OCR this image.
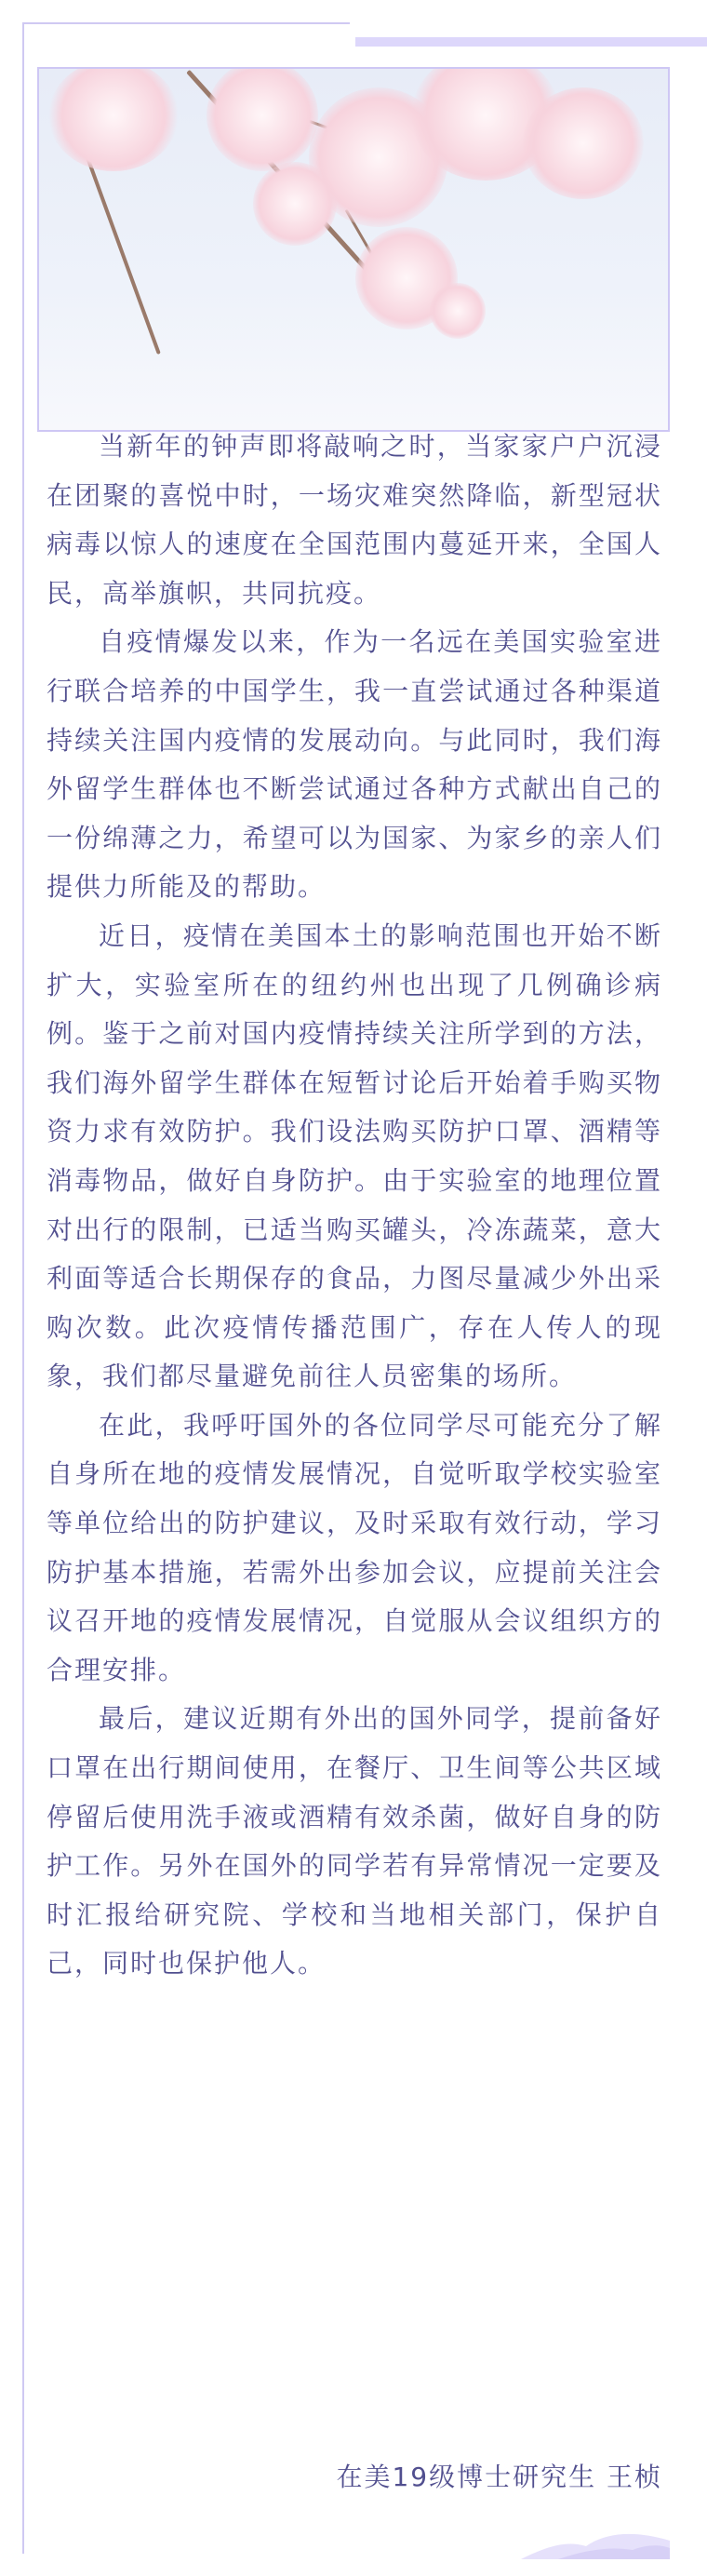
当新年的钟声即将敲响之时，当家家户户沉浸在团聚的喜悦中时，一场灾难突然降临，新型冠状病毒以惊人的速度在全国范围内蔓延开来，全国人民，高举旗帜，共同抗疫。

自疫情爆发以来，作为一名远在美国实验室进行联合培养的中国学生，我一直尝试通过各种渠道持续关注国内疫情的发展动向。与此同时，我们海外留学生群体也不断尝试通过各种方式献出自己的一份绵薄之力，希望可以为国家、为家乡的亲人们提供力所能及的帮助。

近日，疫情在美国本土的影响范围也开始不断扩大，实验室所在的纽约州也出现了几例确诊病例。鉴于之前对国内疫情持续关注所学到的方法，我们海外留学生群体在短暂讨论后开始着手购买物资力求有效防护。我们设法购买防护口罩、酒精等消毒物品，做好自身防护。由于实验室的地理位置对出行的限制，已适当购买罐头，冷冻蔬菜，意大利面等适合长期保存的食品，力图尽量减少外出采购次数。此次疫情传播范围广，存在人传人的现象，我们都尽量避免前往人员密集的场所。

在此，我呼吁国外的各位同学尽可能充分了解自身所在地的疫情发展情况，自觉听取学校实验室等单位给出的防护建议，及时采取有效行动，学习防护基本措施，若需外出参加会议，应提前关注会议召开地的疫情发展情况，自觉服从会议组织方的合理安排。

最后，建议近期有外出的国外同学，提前备好口罩在出行期间使用，在餐厅、卫生间等公共区域停留后使用洗手液或酒精有效杀菌，做好自身的防护工作。另外在国外的同学若有异常情况一定要及时汇报给研究院、学校和当地相关部门，保护自己，同时也保护他人。

在美19级博士研究生 王桢
